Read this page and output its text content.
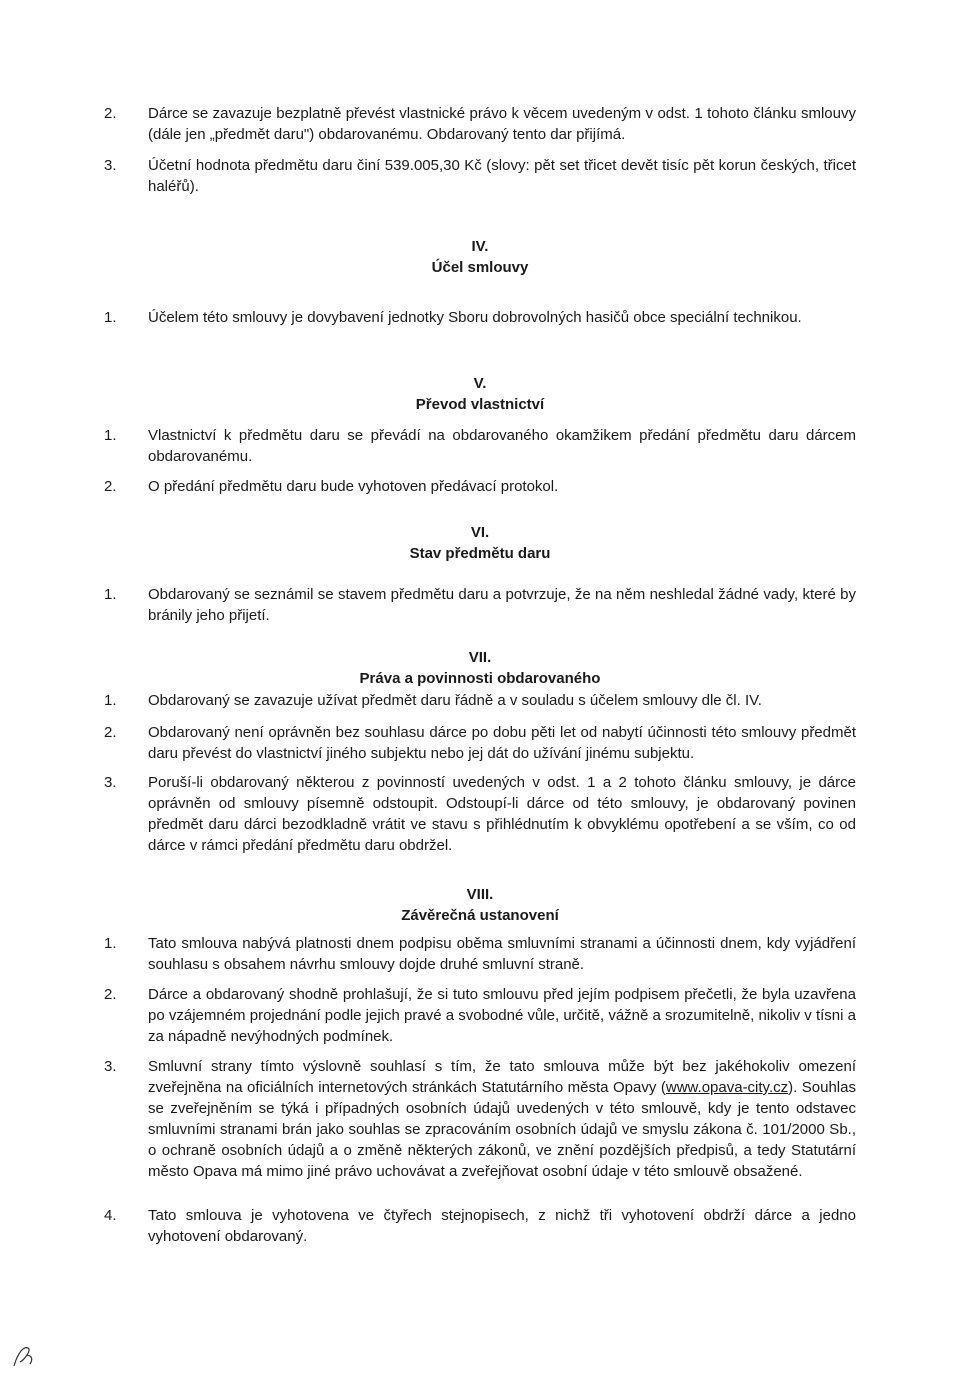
2.	Dárce se zavazuje bezplatně převést vlastnické právo k věcem uvedeným v odst. 1 tohoto článku smlouvy (dále jen „předmět daru") obdarovanému. Obdarovaný tento dar přijímá.
3.	Účetní hodnota předmětu daru činí 539.005,30 Kč (slovy: pět set třicet devět tisíc pět korun českých, třicet haléřů).
IV.
Účel smlouvy
1.	Účelem této smlouvy je dovybavení jednotky Sboru dobrovolných hasičů obce speciální technikou.
V.
Převod vlastnictví
1.	Vlastnictví k předmětu daru se převádí na obdarovaného okamžikem předání předmětu daru dárcem obdarovanému.
2.	O předání předmětu daru bude vyhotoven předávací protokol.
VI.
Stav předmětu daru
1.	Obdarovaný se seznámil se stavem předmětu daru a potvrzuje, že na něm neshledal žádné vady, které by bránily jeho přijetí.
VII.
Práva a povinnosti obdarovaného
1.	Obdarovaný se zavazuje užívat předmět daru řádně a v souladu s účelem smlouvy dle čl. IV.
2.	Obdarovaný není oprávněn bez souhlasu dárce po dobu pěti let od nabytí účinnosti této smlouvy předmět daru převést do vlastnictví jiného subjektu nebo jej dát do užívání jinému subjektu.
3.	Poruší-li obdarovaný některou z povinností uvedených v odst. 1 a 2 tohoto článku smlouvy, je dárce oprávněn od smlouvy písemně odstoupit. Odstoupí-li dárce od této smlouvy, je obdarovaný povinen předmět daru dárci bezodkladně vrátit ve stavu s přihlédnutím k obvyklému opotřebení a se vším, co od dárce v rámci předání předmětu daru obdržel.
VIII.
Závěrečná ustanovení
1.	Tato smlouva nabývá platnosti dnem podpisu oběma smluvními stranami a účinnosti dnem, kdy vyjádření souhlasu s obsahem návrhu smlouvy dojde druhé smluvní straně.
2.	Dárce a obdarovaný shodně prohlašují, že si tuto smlouvu před jejím podpisem přečetli, že byla uzavřena po vzájemném projednání podle jejich pravé a svobodné vůle, určitě, vážně a srozumitelně, nikoliv v tísni a za nápadně nevýhodných podmínek.
3.	Smluvní strany tímto výslovně souhlasí s tím, že tato smlouva může být bez jakéhokoliv omezení zveřejněna na oficiálních internetových stránkách Statutárního města Opavy (www.opava-city.cz). Souhlas se zveřejněním se týká i případných osobních údajů uvedených v této smlouvě, kdy je tento odstavec smluvními stranami brán jako souhlas se zpracováním osobních údajů ve smyslu zákona č. 101/2000 Sb., o ochraně osobních údajů a o změně některých zákonů, ve znění pozdějších předpisů, a tedy Statutární město Opava má mimo jiné právo uchovávat a zveřejňovat osobní údaje v této smlouvě obsažené.
4.	Tato smlouva je vyhotovena ve čtyřech stejnopisech, z nichž tři vyhotovení obdrží dárce a jedno vyhotovení obdarovaný.
